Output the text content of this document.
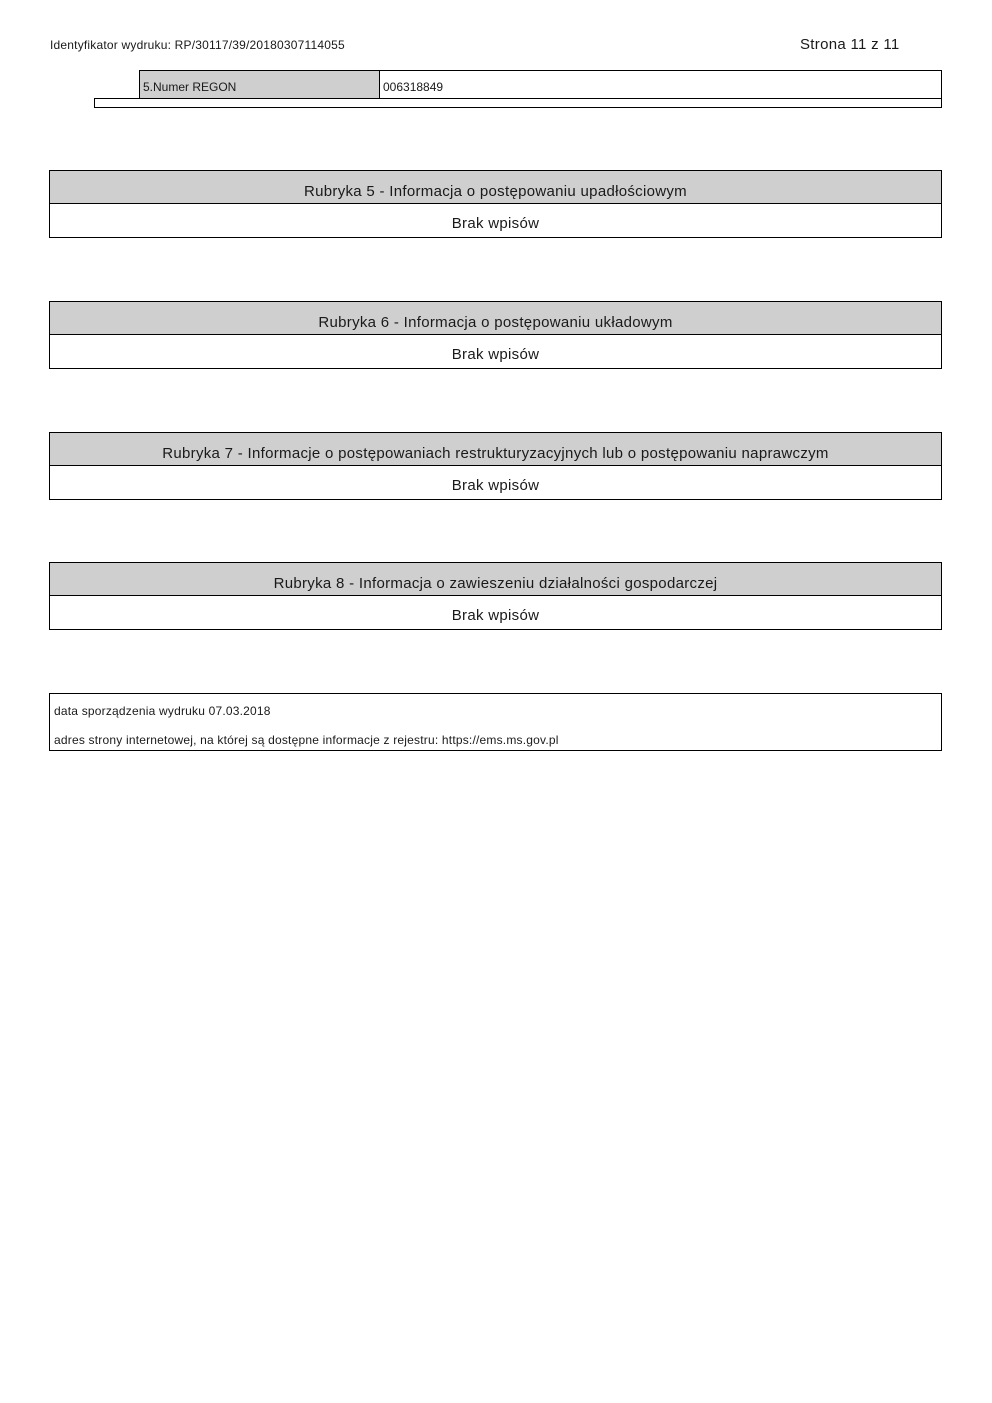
Identyfikator wydruku: RP/30117/39/20180307114055	Strona 11 z 11
5.Numer REGON	006318849
Rubryka 5 - Informacja o postępowaniu upadłościowym
Brak wpisów
Rubryka 6 - Informacja o postępowaniu układowym
Brak wpisów
Rubryka 7 - Informacje o postępowaniach restrukturyzacyjnych lub o postępowaniu naprawczym
Brak wpisów
Rubryka 8 - Informacja o zawieszeniu działalności gospodarczej
Brak wpisów
data sporządzenia wydruku 07.03.2018
adres strony internetowej, na której są dostępne informacje z rejestru: https://ems.ms.gov.pl
